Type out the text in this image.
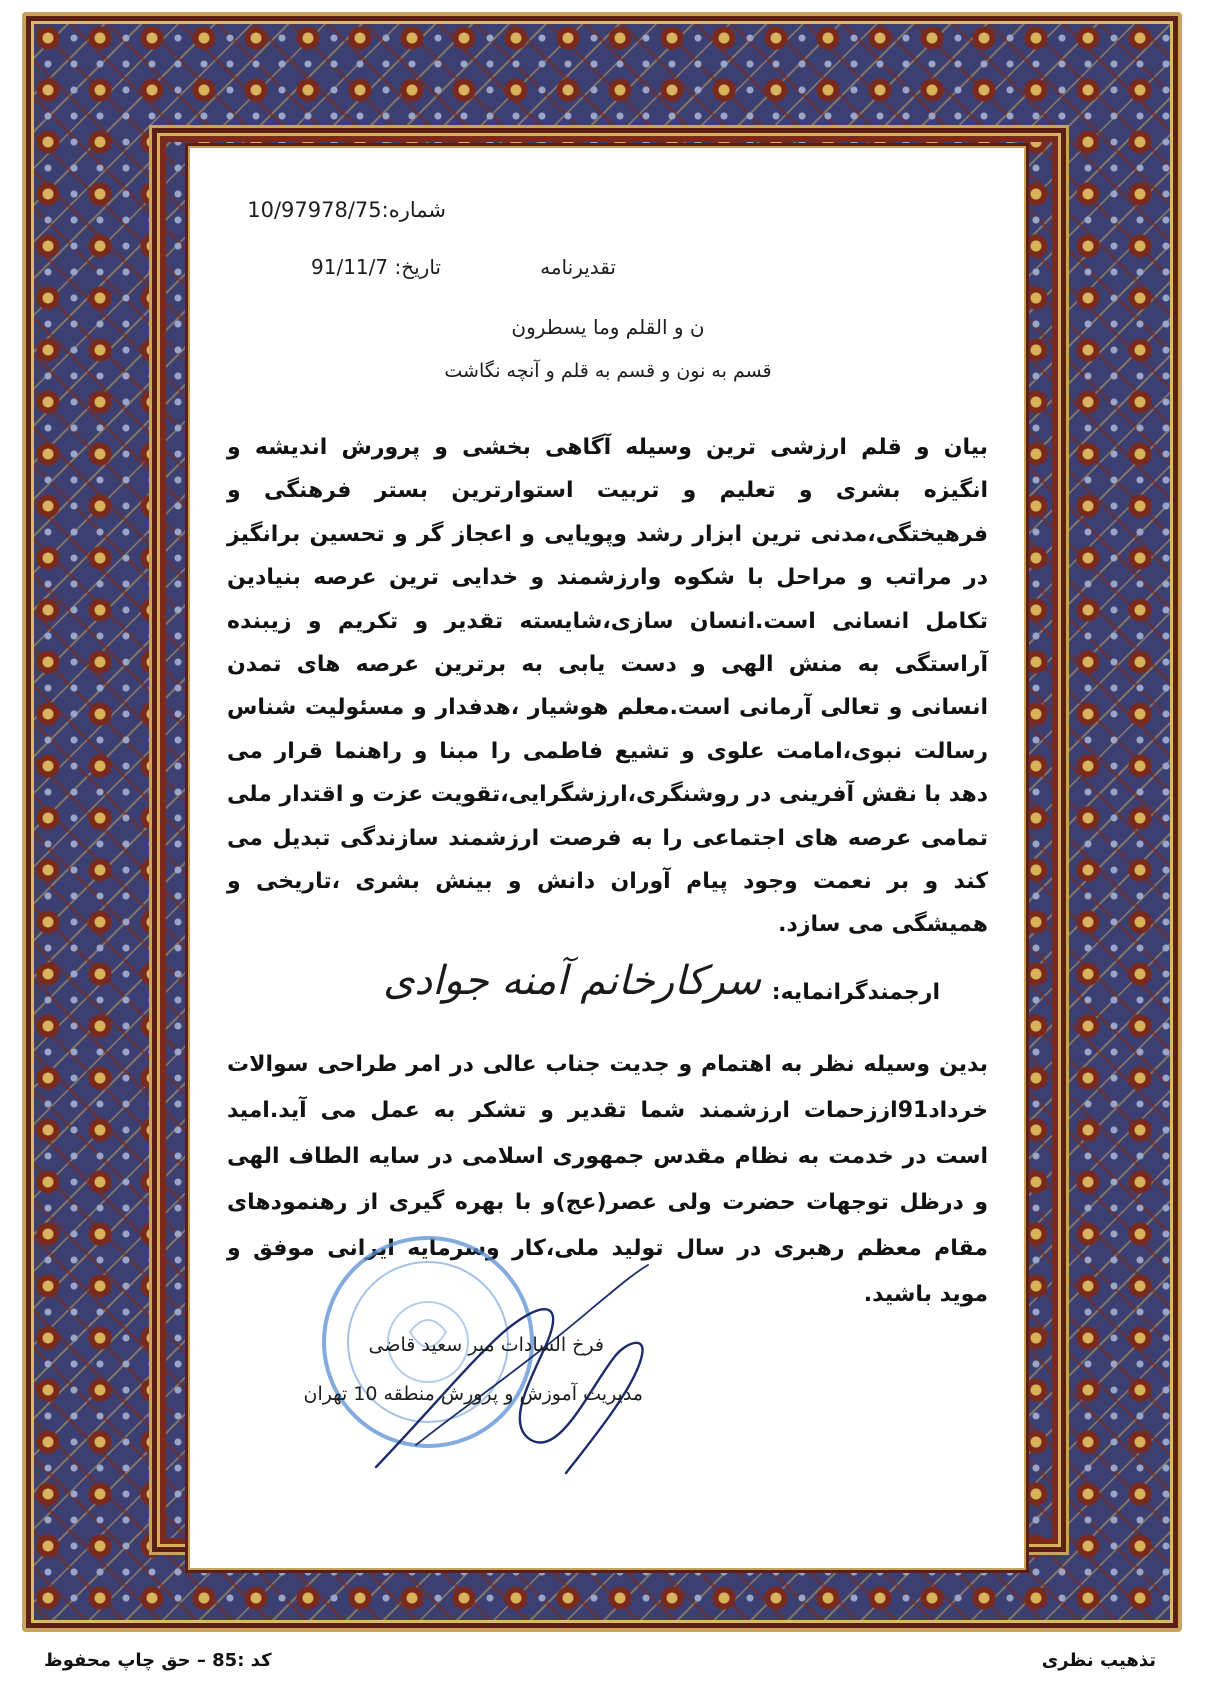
شماره:10/97978/75
تقدیرنامه
تاریخ: 91/11/7
ن و القلم وما یسطرون
قسم به نون و قسم به قلم و آنچه نگاشت
بیان و قلم ارزشی ترین وسیله آگاهی بخشی و پرورش اندیشه و انگیزه بشری و تعلیم و تربیت استوارترین بستر فرهنگی و فرهیختگی،مدنی ترین ابزار رشد وپویایی و اعجاز گر و تحسین برانگیز در مراتب و مراحل با شکوه وارزشمند و خدایی ترین عرصه بنیادین تکامل انسانی است.انسان سازی،شایسته تقدیر و تکریم و زیبنده آراستگی به منش الهی و دست یابی به برترین عرصه های تمدن انسانی و تعالی آرمانی است.معلم هوشیار ،هدفدار و مسئولیت شناس رسالت نبوی،امامت علوی و تشیع فاطمی را مبنا و راهنما قرار می دهد با نقش آفرینی در روشنگری،ارزشگرایی،تقویت عزت و اقتدار ملی تمامی عرصه های اجتماعی را به فرصت ارزشمند سازندگی تبدیل می کند و بر نعمت وجود پیام آوران دانش و بینش بشری ،تاریخی و همیشگی می سازد.
ارجمندگرانمایه:
سرکارخانم آمنه جوادی
بدین وسیله نظر به اهتمام و جدیت جناب عالی در امر طراحی سوالات خرداد91اززحمات ارزشمند شما تقدیر و تشکر به عمل می آید.امید است در خدمت به نظام مقدس جمهوری اسلامی در سایه الطاف الهی و درظل توجهات حضرت ولی عصر(عج)و با بهره گیری از رهنمودهای مقام معظم رهبری در سال تولید ملی،کار وسرمایه ایرانی موفق و موید باشید.
فرخ السادات میر سعید قاضی
مدیریت آموزش و پرورش منطقه 10 تهران
کد :85 – حق چاپ محفوظ	تذهیب نظری
